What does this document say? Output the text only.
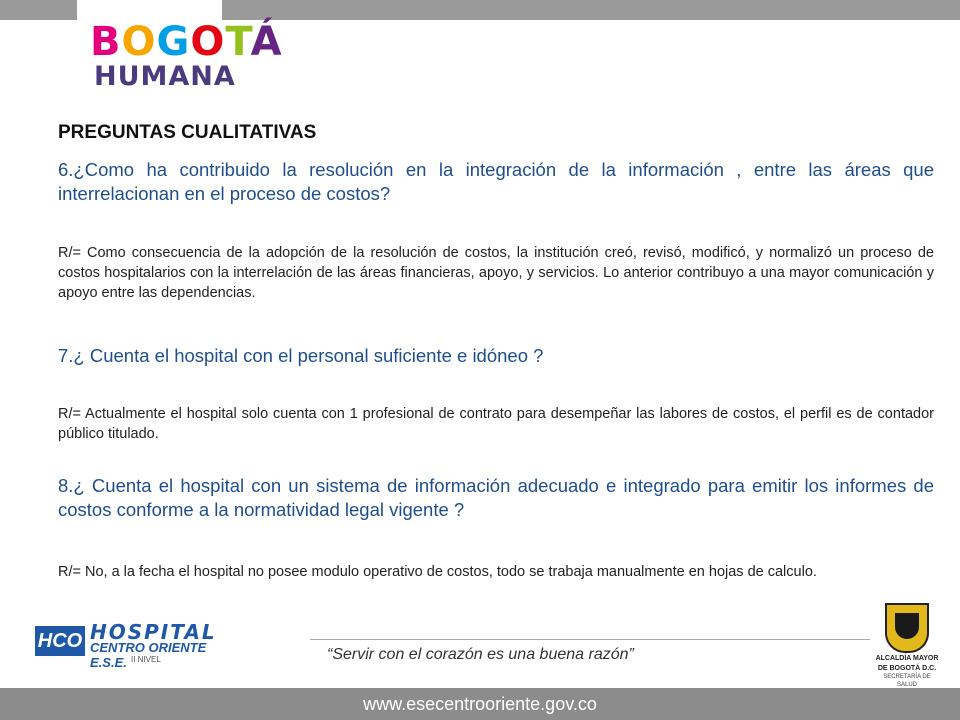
BOGOTÁ
HUMANA
PREGUNTAS CUALITATIVAS
6.¿Como ha contribuido la resolución en la integración de la información , entre las áreas que interrelacionan en el proceso de costos?
R/= Como consecuencia de la adopción de la resolución de costos, la institución creó, revisó, modificó, y normalizó un proceso de costos hospitalarios con la interrelación de las áreas financieras, apoyo, y servicios. Lo anterior contribuyo a una mayor comunicación y apoyo entre las dependencias.
7.¿ Cuenta el hospital con el personal suficiente e idóneo ?
R/= Actualmente el hospital solo cuenta con 1 profesional de contrato para desempeñar las labores de costos, el perfil es de contador público titulado.
8.¿ Cuenta el hospital con un sistema de información adecuado e integrado para emitir los informes de costos conforme a la normatividad legal vigente ?
R/= No, a la fecha el hospital no posee modulo operativo de costos, todo se trabaja manualmente en hojas de calculo.
HCO HOSPITAL
CENTRO ORIENTE E.S.E. II NIVEL	“Servir con el corazón es una buena razón”	ALCALDÍA MAYOR
DE BOGOTÁ D.C.
SECRETARÍA DE SALUD
www.esecentrooriente.gov.co
